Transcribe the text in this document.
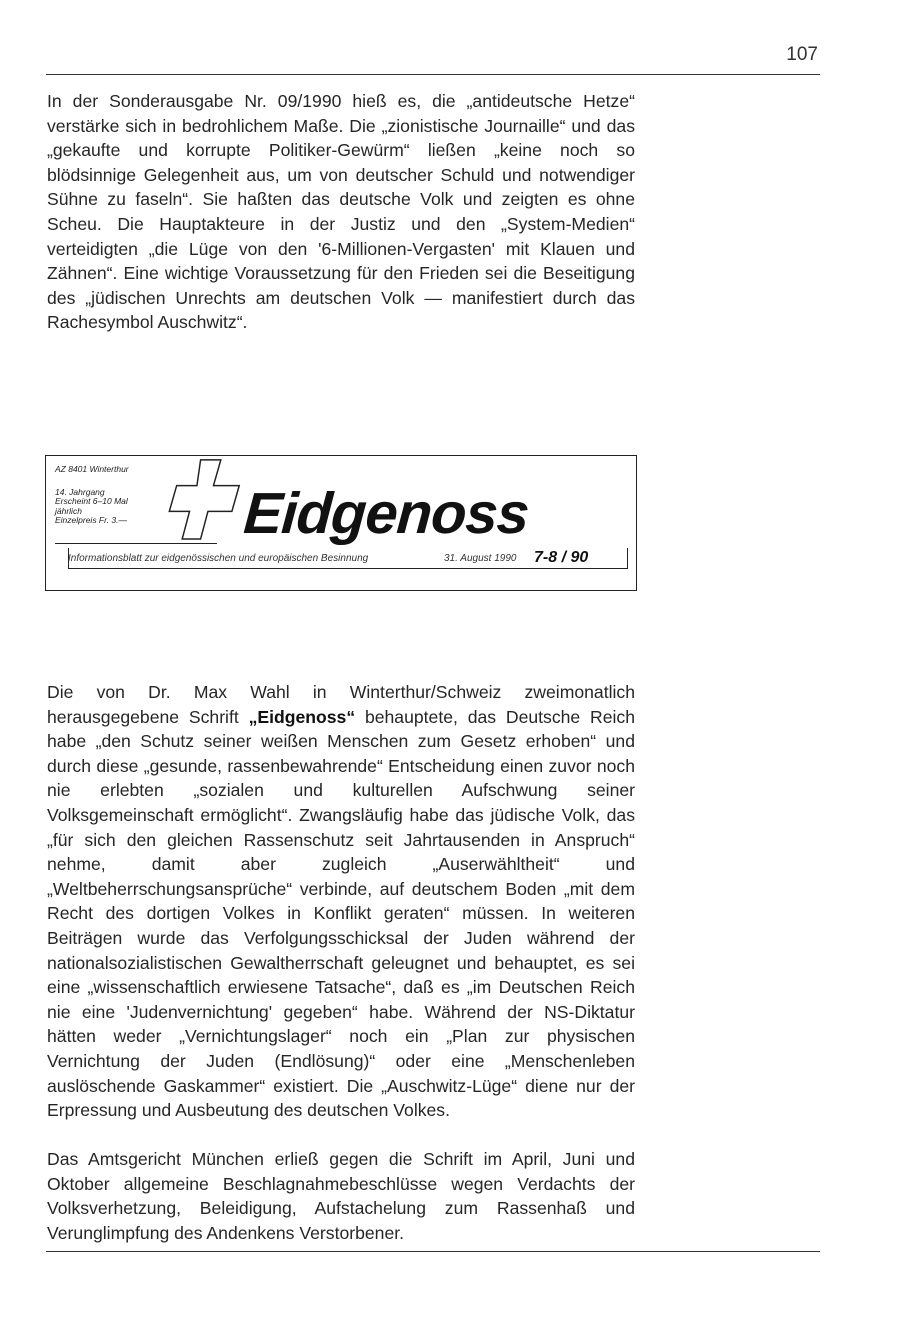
107

In der Sonderausgabe Nr. 09/1990 hieß es, die „antideutsche Hetze“ verstärke sich in bedrohlichem Maße. Die „zionistische Journaille“ und das „gekaufte und korrupte Politiker-Gewürm“ ließen „keine noch so blödsinnige Gelegenheit aus, um von deutscher Schuld und notwendiger Sühne zu faseln“. Sie haßten das deutsche Volk und zeigten es ohne Scheu. Die Hauptakteure in der Justiz und den „System-Medien“ verteidigten „die Lüge von den '6-Millionen-Vergasten' mit Klauen und Zähnen“. Eine wichtige Voraussetzung für den Frieden sei die Beseitigung des „jüdischen Unrechts am deutschen Volk — manifestiert durch das Rachesymbol Auschwitz“.

AZ 8401 Winterthur
14. Jahrgang
Erscheint 6–10 Mal
jährlich
Einzelpreis Fr. 3.—	Eidgenoss
Informationsblatt zur eidgenössischen und europäischen Besinnung	31. August 1990 7-8 / 90

Die von Dr. Max Wahl in Winterthur/Schweiz zweimonatlich herausgegebene Schrift „Eidgenoss“ behauptete, das Deutsche Reich habe „den Schutz seiner weißen Menschen zum Gesetz erhoben“ und durch diese „gesunde, rassenbewahrende“ Entscheidung einen zuvor noch nie erlebten „sozialen und kulturellen Aufschwung seiner Volksgemeinschaft ermöglicht“. Zwangsläufig habe das jüdische Volk, das „für sich den gleichen Rassenschutz seit Jahrtausenden in Anspruch“ nehme, damit aber zugleich „Auserwähltheit“ und „Weltbeherrschungsansprüche“ verbinde, auf deutschem Boden „mit dem Recht des dortigen Volkes in Konflikt geraten“ müssen. In weiteren Beiträgen wurde das Verfolgungsschicksal der Juden während der nationalsozialistischen Gewaltherrschaft geleugnet und behauptet, es sei eine „wissenschaftlich erwiesene Tatsache“, daß es „im Deutschen Reich nie eine 'Judenvernichtung' gegeben“ habe. Während der NS-Diktatur hätten weder „Vernichtungslager“ noch ein „Plan zur physischen Vernichtung der Juden (Endlösung)“ oder eine „Menschenleben auslöschende Gaskammer“ existiert. Die „Auschwitz-Lüge“ diene nur der Erpressung und Ausbeutung des deutschen Volkes.

Das Amtsgericht München erließ gegen die Schrift im April, Juni und Oktober allgemeine Beschlagnahmebeschlüsse wegen Verdachts der Volksverhetzung, Beleidigung, Aufstachelung zum Rassenhaß und Verunglimpfung des Andenkens Verstorbener.
